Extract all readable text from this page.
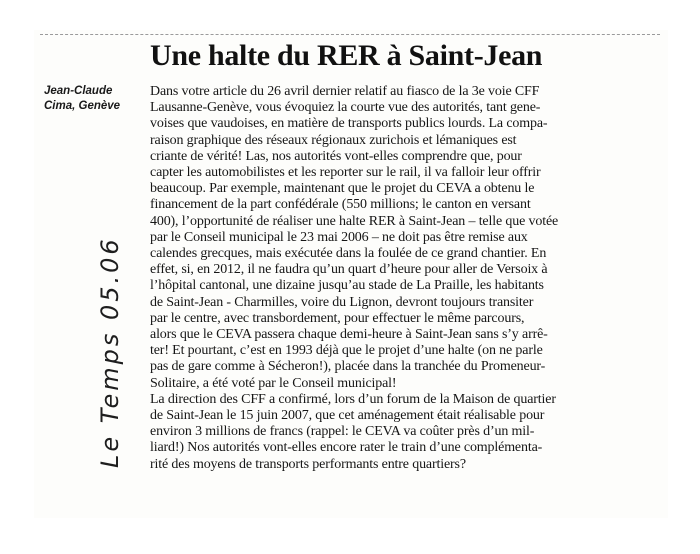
Une halte du RER à Saint-Jean
Jean-Claude
Cima, Genève
Dans votre article du 26 avril dernier relatif au fiasco de la 3e voie CFF
Lausanne-Genève, vous évoquiez la courte vue des autorités, tant gene-
voises que vaudoises, en matière de transports publics lourds. La compa-
raison graphique des réseaux régionaux zurichois et lémaniques est
criante de vérité! Las, nos autorités vont-elles comprendre que, pour
capter les automobilistes et les reporter sur le rail, il va falloir leur offrir
beaucoup. Par exemple, maintenant que le projet du CEVA a obtenu le
financement de la part confédérale (550 millions; le canton en versant
400), l’opportunité de réaliser une halte RER à Saint-Jean – telle que votée
par le Conseil municipal le 23 mai 2006 – ne doit pas être remise aux
calendes grecques, mais exécutée dans la foulée de ce grand chantier. En
effet, si, en 2012, il ne faudra qu’un quart d’heure pour aller de Versoix à
l’hôpital cantonal, une dizaine jusqu’au stade de La Praille, les habitants
de Saint-Jean - Charmilles, voire du Lignon, devront toujours transiter
par le centre, avec transbordement, pour effectuer le même parcours,
alors que le CEVA passera chaque demi-heure à Saint-Jean sans s’y arrê-
ter! Et pourtant, c’est en 1993 déjà que le projet d’une halte (on ne parle
pas de gare comme à Sécheron!), placée dans la tranchée du Promeneur-
Solitaire, a été voté par le Conseil municipal!
La direction des CFF a confirmé, lors d’un forum de la Maison de quartier
de Saint-Jean le 15 juin 2007, que cet aménagement était réalisable pour
environ 3 millions de francs (rappel: le CEVA va coûter près d’un mil-
liard!) Nos autorités vont-elles encore rater le train d’une complémenta-
rité des moyens de transports performants entre quartiers?
Le Temps 05.06
